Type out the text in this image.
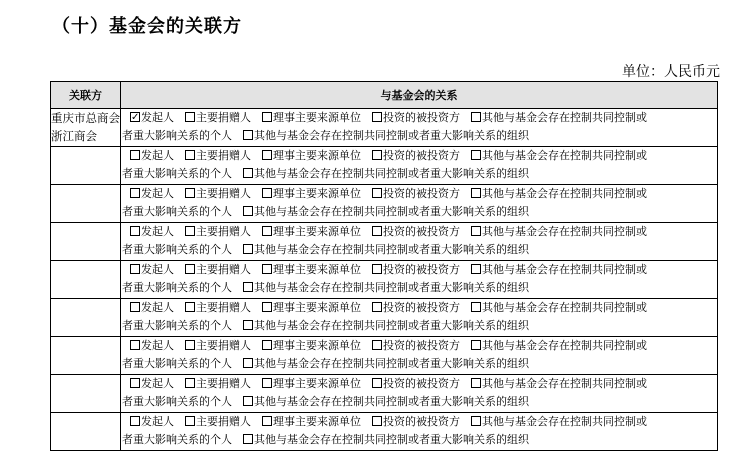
（十）基金会的关联方
单位：人民币元
关联方	与基金会的关系
重庆市总商会浙江商会	✓ 发起人 主要捐赠人 理事主要来源单位 投资的被投资方 其他与基金会存在控制共同控制或
者重大影响关系的个人 其他与基金会存在控制共同控制或者重大影响关系的组织

	发起人 主要捐赠人 理事主要来源单位 投资的被投资方 其他与基金会存在控制共同控制或
者重大影响关系的个人 其他与基金会存在控制共同控制或者重大影响关系的组织

	发起人 主要捐赠人 理事主要来源单位 投资的被投资方 其他与基金会存在控制共同控制或
者重大影响关系的个人 其他与基金会存在控制共同控制或者重大影响关系的组织

	发起人 主要捐赠人 理事主要来源单位 投资的被投资方 其他与基金会存在控制共同控制或
者重大影响关系的个人 其他与基金会存在控制共同控制或者重大影响关系的组织

	发起人 主要捐赠人 理事主要来源单位 投资的被投资方 其他与基金会存在控制共同控制或
者重大影响关系的个人 其他与基金会存在控制共同控制或者重大影响关系的组织

	发起人 主要捐赠人 理事主要来源单位 投资的被投资方 其他与基金会存在控制共同控制或
者重大影响关系的个人 其他与基金会存在控制共同控制或者重大影响关系的组织

	发起人 主要捐赠人 理事主要来源单位 投资的被投资方 其他与基金会存在控制共同控制或
者重大影响关系的个人 其他与基金会存在控制共同控制或者重大影响关系的组织

	发起人 主要捐赠人 理事主要来源单位 投资的被投资方 其他与基金会存在控制共同控制或
者重大影响关系的个人 其他与基金会存在控制共同控制或者重大影响关系的组织

	发起人 主要捐赠人 理事主要来源单位 投资的被投资方 其他与基金会存在控制共同控制或
者重大影响关系的个人 其他与基金会存在控制共同控制或者重大影响关系的组织
